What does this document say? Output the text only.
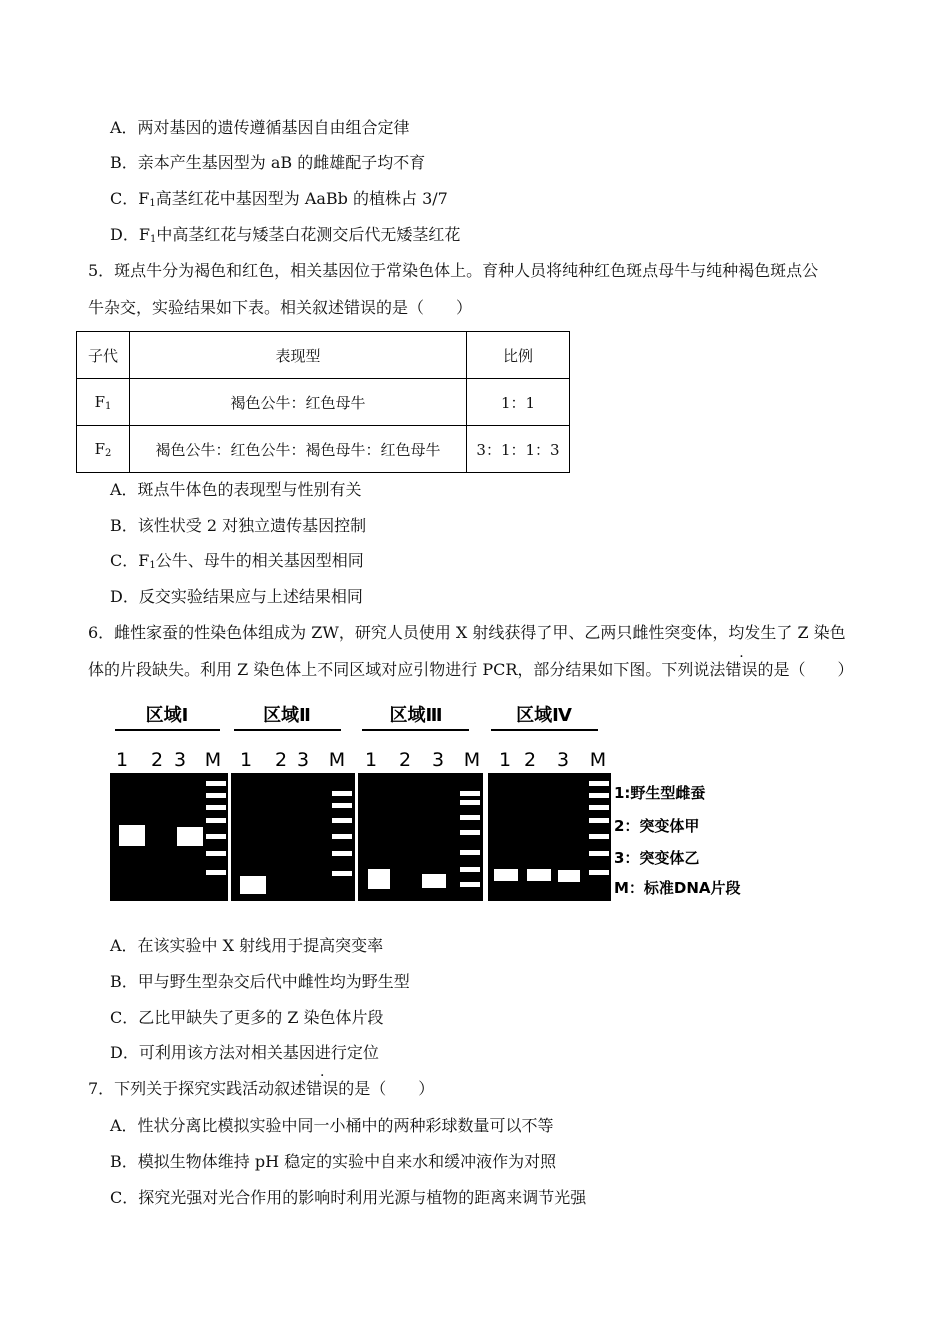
A．两对基因的遗传遵循基因自由组合定律
B．亲本产生基因型为 aB 的雌雄配子均不育
C．$F_1$高茎红花中基因型为 AaBb 的植株占 3/7
D．$F_1$中高茎红花与矮茎白花测交后代无矮茎红花
5．斑点牛分为褐色和红色，相关基因位于常染色体上。育种人员将纯种红色斑点母牛与纯种褐色斑点公
牛杂交，实验结果如下表。相关叙述错误的是（　　）
子代	表现型	比例
$F_1$	褐色公牛：红色母牛	1：1
$F_2$	褐色公牛：红色公牛：褐色母牛：红色母牛	3：1：1：3
A．斑点牛体色的表现型与性别有关
B．该性状受 2 对独立遗传基因控制
C．$F_1$公牛、母牛的相关基因型相同
D．反交实验结果应与上述结果相同
6．雌性家蚕的性染色体组成为 ZW，研究人员使用 X 射线获得了甲、乙两只雌性突变体，均发生了 Z 染色
体的片段缺失。利用 Z 染色体上不同区域对应引物进行 PCR，部分结果如下图。下列说法错误的是（　　）
区域Ⅰ	区域Ⅱ	区域Ⅲ	区域Ⅳ
1 2 3 M 1 2 3 M 1 2 3 M 1 2 3 M
1:野生型雌蚕
2：突变体甲
3：突变体乙
M：标准DNA片段
A．在该实验中 X 射线用于提高突变率
B．甲与野生型杂交后代中雌性均为野生型
C．乙比甲缺失了更多的 Z 染色体片段
D．可利用该方法对相关基因进行定位
7．下列关于探究实践活动叙述错误的是（　　）
A．性状分离比模拟实验中同一小桶中的两种彩球数量可以不等
B．模拟生物体维持 pH 稳定的实验中自来水和缓冲液作为对照
C．探究光强对光合作用的影响时利用光源与植物的距离来调节光强
